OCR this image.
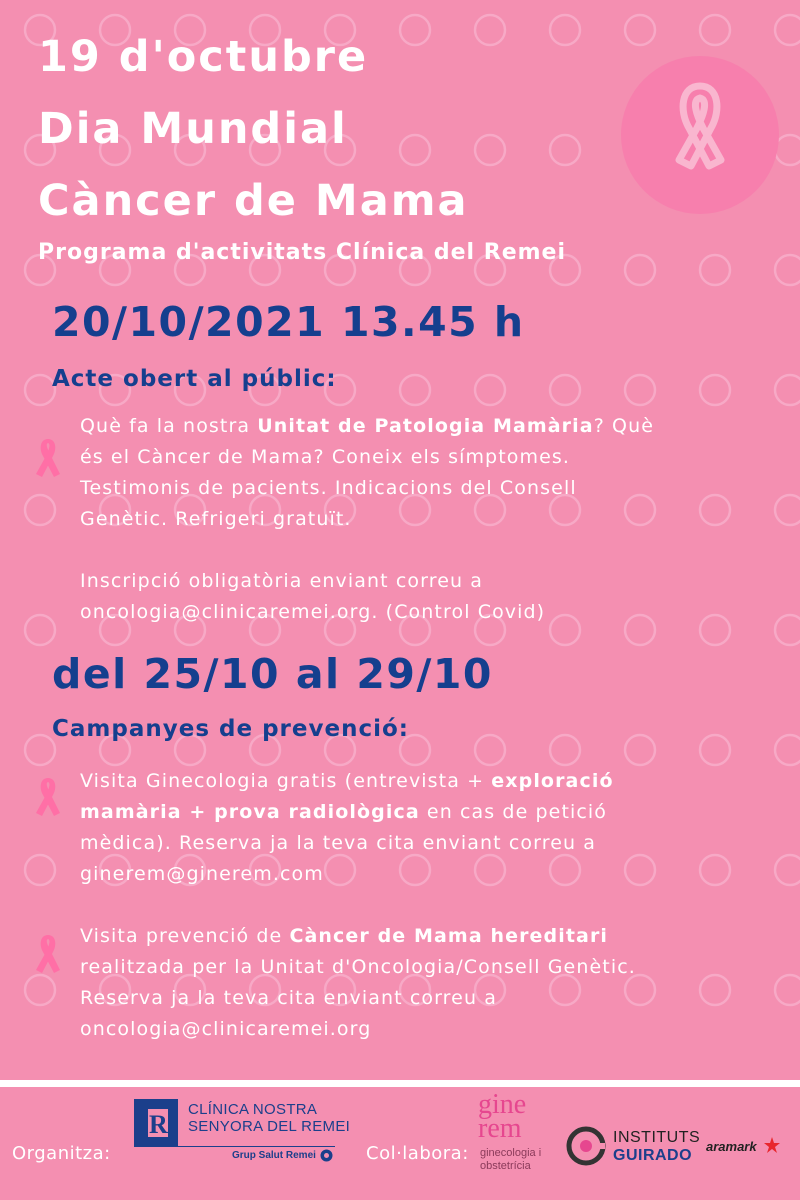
19 d'octubre
Dia Mundial
Càncer de Mama
Programa d'activitats Clínica del Remei
20/10/2021 13.45 h
Acte obert al públic:
Què fa la nostra Unitat de Patologia Mamària? Què
és el Càncer de Mama? Coneix els símptomes.
Testimonis de pacients. Indicacions del Consell
Genètic. Refrigeri gratuït.

Inscripció obligatòria enviant correu a
oncologia@clinicaremei.org. (Control Covid)
del 25/10 al 29/10
Campanyes de prevenció:
Visita Ginecologia gratis (entrevista + exploració
mamària + prova radiològica en cas de petició
mèdica). Reserva ja la teva cita enviant correu a
ginerem@ginerem.com
Visita prevenció de Càncer de Mama hereditari
realitzada per la Unitat d'Oncologia/Consell Genètic.
Reserva ja la teva cita enviant correu a
oncologia@clinicaremei.org
Organitza:
R
CLÍNICA NOSTRA
SENYORA DEL REMEI
Grup Salut Remei	Col·labora:
gine
rem
ginecologia i
obstetrícia
INSTITUTS
GUIRADO
aramark
